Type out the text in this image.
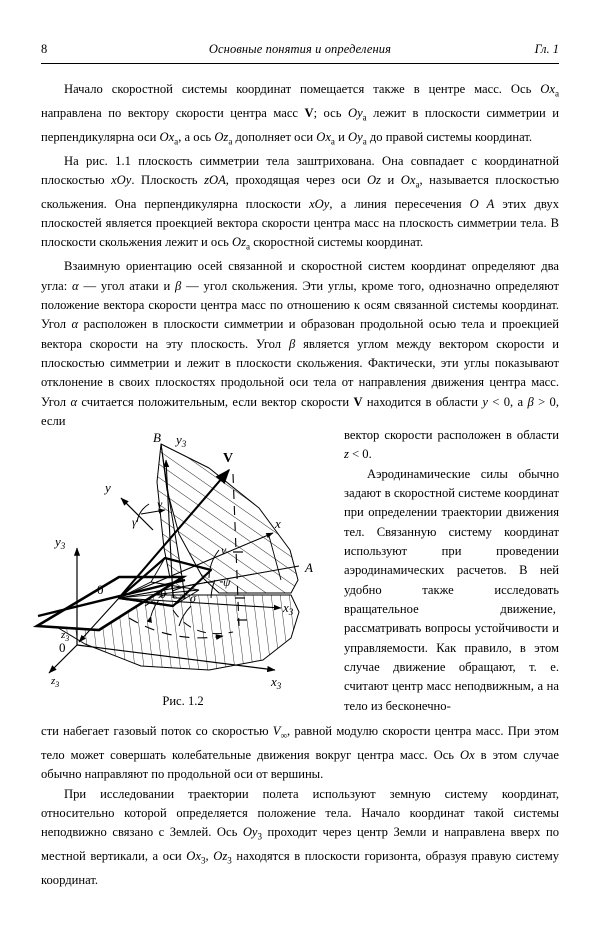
8	Основные понятия и определения	Гл. 1

Начало скоростной системы координат помещается также в центре масс. Ось $Ox_a$ направлена по вектору скорости центра масс V; ось $Oy_a$ лежит в плоскости симметрии и перпендикулярна оси $Ox_a$, а ось $Oz_a$ дополняет оси $Ox_a$ и $Oy_a$ до правой системы координат.

На рис. 1.1 плоскость симметрии тела заштрихована. Она совпадает с координатной плоскостью xOy. Плоскость zOA, проходящая через оси Oz и $Ox_a$, называется плоскостью скольжения. Она перпендикулярна плоскости xOy, а линия пересечения O A этих двух плоскостей является проекцией вектора скорости центра масс на плоскость симметрии тела. В плоскости скольжения лежит и ось $Oz_a$ скоростной системы координат.

Взаимную ориентацию осей связанной и скоростной систем координат определяют два угла: α — угол атаки и β — угол скольжения. Эти углы, кроме того, однозначно определяют положение вектора скорости центра масс по отношению к осям связанной системы координат. Угол α расположен в плоскости симметрии и образован продольной осью тела и проекцией вектора скорости на эту плоскость. Угол β является углом между вектором скорости и плоскостью симметрии и лежит в плоскости скольжения. Фактически, эти углы показывают отклонение в своих плоскостях продольной оси тела от направления движения центра масс. Угол α считается положительным, если вектор скорости V находится в области y < 0, а β > 0, если

вектор скорости расположен в области z < 0.

Аэродинамические силы обычно задают в скоростной системе координат при определении траектории движения тел. Связанную систему координат используют при проведении аэродинамических расчетов. В ней удобно также исследовать вращательное движение,  рассматривать вопросы устойчивости и управляемости. Как правило, в этом случае движение обращают, т. е. считают центр масс неподвижным, а на тело из бесконечно-

B $y_3$
y
γ
v
V
$y_3$
x
A
v
ψ
θ σ
0
$z_3$
$x_3$
0
$z_3$	$x_3$
Рис. 1.2

сти набегает газовый поток со скоростью $V_\infty$, равной модулю скорости центра масс. При этом тело может совершать колебательные движения вокруг центра масс. Ось Ox в этом случае обычно направляют по продольной оси от вершины.

При исследовании траектории полета используют земную систему координат, относительно которой определяется положение тела. Начало координат такой системы неподвижно связано с Землей. Ось $Oy_3$ проходит через центр Земли и направлена вверх по местной вертикали, а оси $Ox_3$, $Oz_3$ находятся в плоскости горизонта, образуя правую систему координат.
